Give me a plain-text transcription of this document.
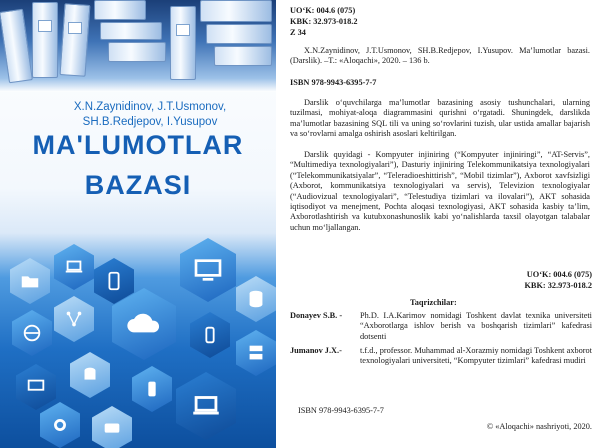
X.N.Zaynidinov, J.T.Usmonov,
SH.B.Redjepov, I.Yusupov
MA'LUMOTLAR
BAZASI
UO‘K: 004.6 (075)
KBK: 32.973-018.2
Z 34
X.N.Zaynidinov, J.T.Usmonov, SH.B.Redjepov, I.Yusupov. Ma’lumotlar bazasi. (Darslik). –T.: «Aloqachi», 2020. – 136 b.
ISBN 978-9943-6395-7-7
Darslik o‘quvchilarga ma’lumotlar bazasining asosiy tushunchalari, ularning tuzilmasi, mohiyat-aloqa diagrammasini qurishni o‘rgatadi. Shuningdek, darslikda ma’lumotlar bazasining SQL tili va uning so‘rovlarini tuzish, ular ustida amallar bajarish va so‘rovlarni amalga oshirish asoslari keltirilgan.
Darslik quyidagi - Kompyuter injiniring (“Kompyuter injiniringi”, “AT-Servis”, “Multimediya texnologiyalari”), Dasturiy injiniring Telekommunikatsiya texnologiyalari (“Telekommunikatsiyalar”, “Teleradioeshittirish”, “Mobil tizimlar”), Axborot xavfsizligi (Axborot, kommunikatsiya texnologiyalari va servis), Televizion texnologiyalar (“Audiovizual texnologiyalari”, “Telestudiya tizimlari va ilovalari”), AKT sohasida iqtisodiyot va menejment, Pochta aloqasi texnologiyasi, AKT sohasida kasbiy ta’lim, Axborotlashtirish va kutubxonashunoslik kabi yo‘nalishlarda taxsil olayotgan talabalar uchun mo‘ljallangan.
UO‘K: 004.6 (075)
KBK: 32.973-018.2
Taqrizchilar:
Donayev S.B. -	Ph.D. I.A.Karimov nomidagi Toshkent davlat texnika universiteti “Axborotlarga ishlov berish va boshqarish tizimlari” kafedrasi dotsenti
Jumanov J.X.-	t.f.d., professor. Muhammad al-Xorazmiy nomidagi Toshkent axborot texnologiyalari universiteti, “Kompyuter tizimlari” kafedrasi mudiri
ISBN 978-9943-6395-7-7
© «Aloqachi» nashriyoti, 2020.
